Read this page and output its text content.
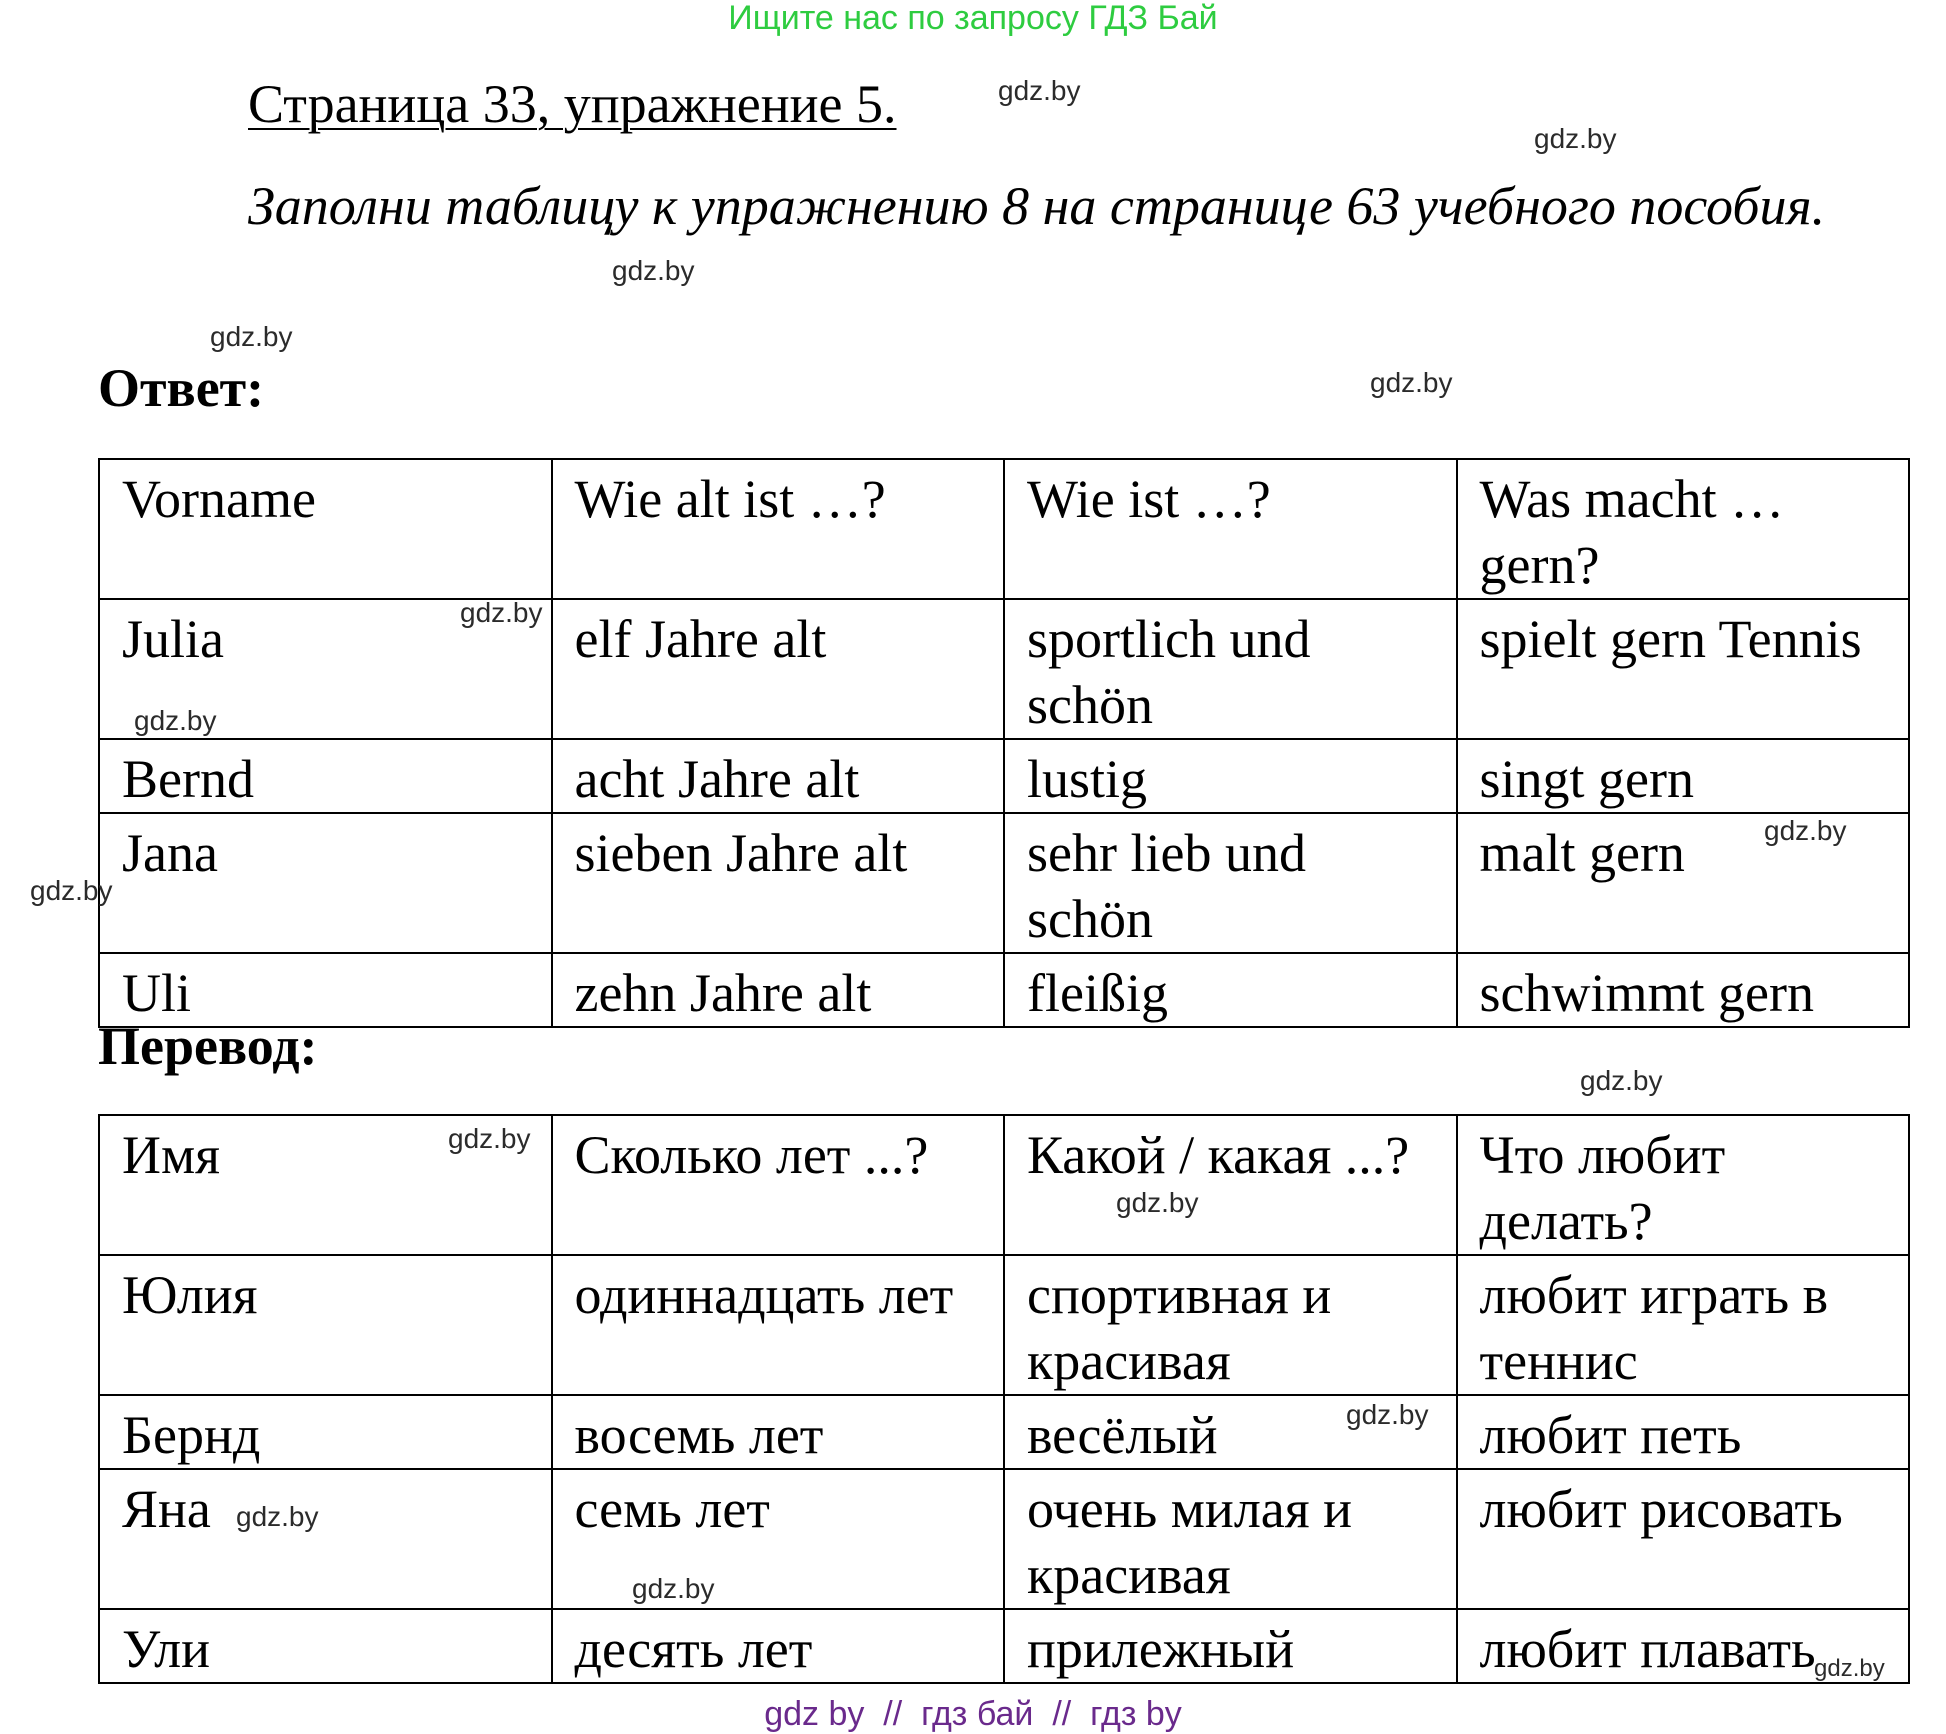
Ищите нас по запросу ГДЗ Бай
Страница 33, упражнение 5.
Заполни таблицу к упражнению 8 на странице 63 учебного пособия.
Ответ:
Vorname	Wie alt ist …?	Wie ist …?	Was macht … gern?
Julia	elf Jahre alt	sportlich und schön	spielt gern Tennis
Bernd	acht Jahre alt	lustig	singt gern
Jana	sieben Jahre alt	sehr lieb und schön	malt gern
Uli	zehn Jahre alt	fleißig	schwimmt gern
Перевод:
Имя	Сколько лет ...?	Какой / какая ...?	Что любит делать?
Юлия	одиннадцать лет	спортивная и красивая	любит играть в теннис
Бернд	восемь лет	весёлый	любит петь
Яна	семь лет	очень милая и красивая	любит рисовать
Ули	десять лет	прилежный	любит плавать
gdz.by
gdz.by
gdz.by
gdz.by
gdz.by
gdz.by
gdz.by
gdz.by
gdz.by
gdz.by
gdz.by
gdz.by
gdz.by
gdz.by
gdz.by
gdz.by
gdz by  //  гдз бай  //  гдз by
